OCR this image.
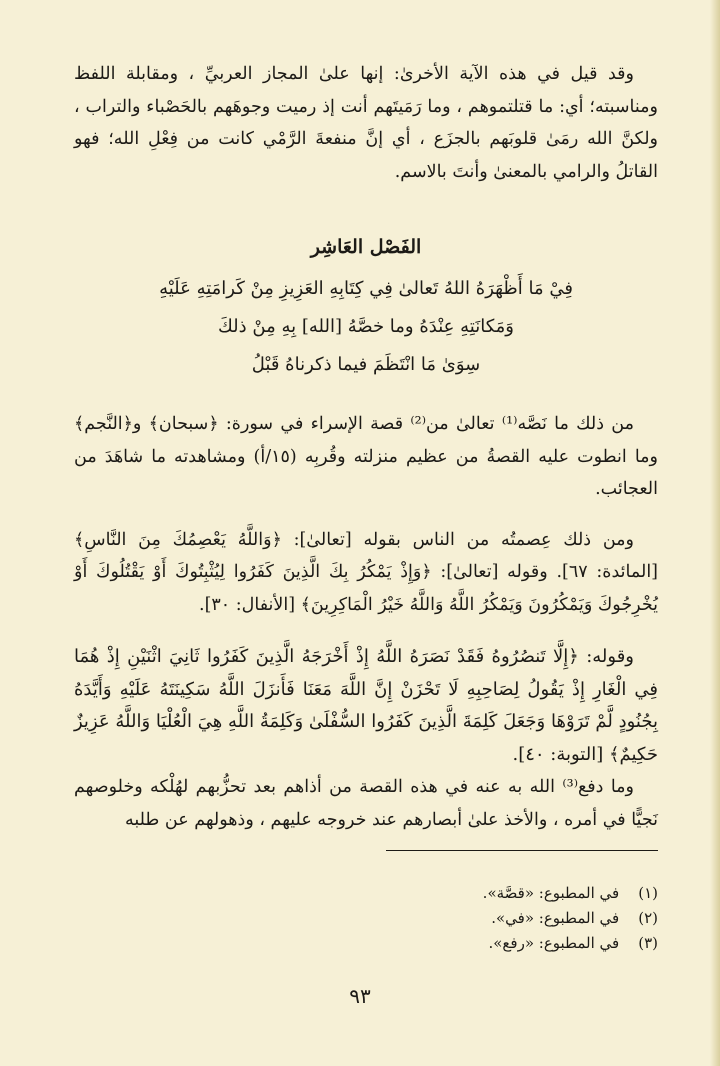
وقد قيل في هذه الآية الأخرىٰ: إنها علىٰ المجاز العربيِّ ، ومقابلة اللفظ ومناسبته؛ أي: ما قتلتموهم ، وما رَمَيتَهم أنت إذ رميت وجوهَهم بالحَصْباء والتراب ، ولكنَّ الله رمَىٰ قلوبَهم بالجزَع ، أي إنَّ منفعةَ الرَّمْي كانت من فِعْلِ الله؛ فهو القاتلُ والرامي بالمعنىٰ وأنتَ بالاسم.

الفَصْل العَاشِر

فِيْ مَا أَظْهَرَهُ اللهُ تَعالىٰ فِي كِتَابِهِ العَزِيزِ مِنْ كَرامَتِهِ عَلَيْهِ

وَمَكانَتِهِ عِنْدَهُ وما خصَّهُ [الله] بِهِ مِنْ ذلكَ

سِوَىٰ مَا انْتَظَمَ فيما ذكرناهُ قَبْلُ

من ذلك ما نَصَّه⁽¹⁾ تعالىٰ من⁽²⁾ قصة الإسراء في سورة: ﴿سبحان﴾ و﴿النَّجم﴾ وما انطوت عليه القصةُ من عظيم منزلته وقُربِه (١٥/أ) ومشاهدته ما شاهَدَ من العجائب.

ومن ذلك عِصمتُه من الناس بقوله [تعالىٰ]: ﴿وَاللَّهُ يَعْصِمُكَ مِنَ النَّاسِ﴾ [المائدة: ٦٧]. وقوله [تعالىٰ]: ﴿وَإِذْ يَمْكُرُ بِكَ الَّذِينَ كَفَرُوا لِيُثْبِتُوكَ أَوْ يَقْتُلُوكَ أَوْ يُخْرِجُوكَ وَيَمْكُرُونَ وَيَمْكُرُ اللَّهُ وَاللَّهُ خَيْرُ الْمَاكِرِينَ﴾ [الأنفال: ٣٠].

وقوله: ﴿إِلَّا تَنصُرُوهُ فَقَدْ نَصَرَهُ اللَّهُ إِذْ أَخْرَجَهُ الَّذِينَ كَفَرُوا ثَانِيَ اثْنَيْنِ إِذْ هُمَا فِي الْغَارِ إِذْ يَقُولُ لِصَاحِبِهِ لَا تَحْزَنْ إِنَّ اللَّهَ مَعَنَا فَأَنزَلَ اللَّهُ سَكِينَتَهُ عَلَيْهِ وَأَيَّدَهُ بِجُنُودٍ لَّمْ تَرَوْهَا وَجَعَلَ كَلِمَةَ الَّذِينَ كَفَرُوا السُّفْلَىٰ وَكَلِمَةُ اللَّهِ هِيَ الْعُلْيَا وَاللَّهُ عَزِيزٌ حَكِيمٌ﴾ [التوبة: ٤٠].

وما دفع⁽³⁾ الله به عنه في هذه القصة من أذاهم بعد تحزُّبهم لهُلْكه وخلوصهم نَجيًّا في أمره ، والأخذ علىٰ أبصارهم عند خروجه عليهم ، وذهولهم عن طلبه

(١) في المطبوع: «قصَّة».
(٢) في المطبوع: «في».
(٣) في المطبوع: «رفع».
٩٣
